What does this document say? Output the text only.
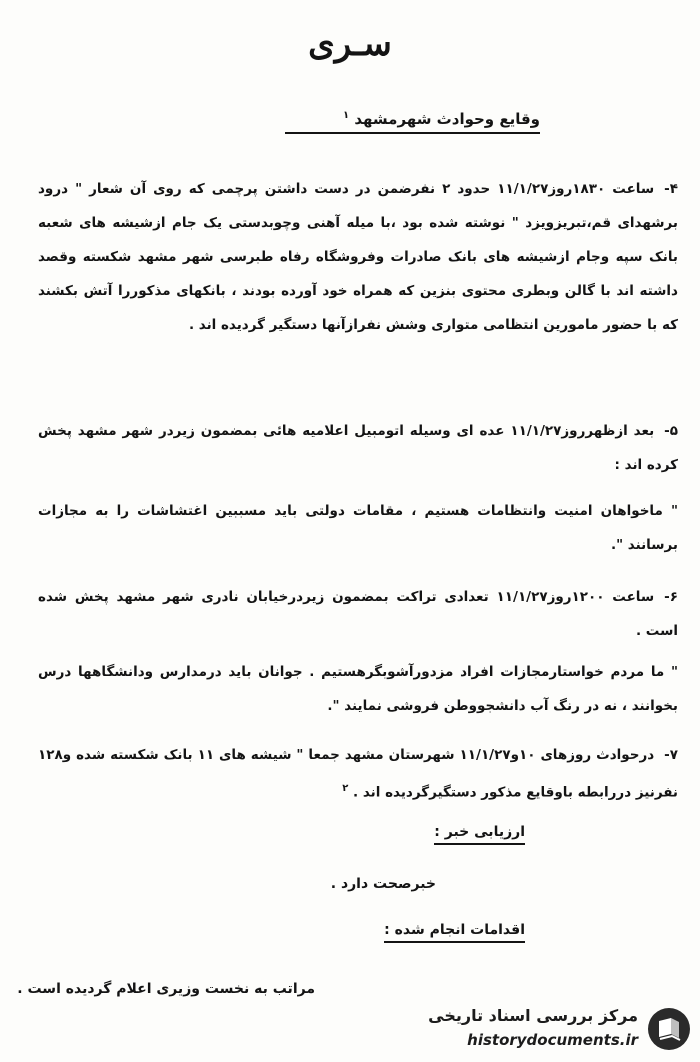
سـری
وقایع وحوادث شهرمشهد $^۱$
۴-ساعت ۱۸۳۰روز۱۱/۱/۲۷ حدود ۲ نفرضمن در دست داشتن پرچمی که روی آن شعار " درود برشهدای قم،تبریزویزد " نوشته شده بود ،با میله آهنی وچوبدستی یک جام ازشیشه های شعبه بانک سپه وجام ازشیشه های بانک صادرات وفروشگاه رفاه طبرسی شهر مشهد شکسته وقصد داشته اند با گالن وبطری محتوی بنزین که همراه خود آورده بودند ، بانکهای مذکوررا آتش بکشند که با حضور مامورین انتظامی متواری وشش نفرازآنها دستگیر گردیده اند .
۵-بعد ازظهرروز۱۱/۱/۲۷ عده ای وسیله اتومبیل اعلامیه هائی بمضمون زیردر شهر مشهد پخش کرده اند :
" ماخواهان امنیت وانتظامات هستیم ، مقامات دولتی باید مسببین اغتشاشات را به مجازات برسانند ".
۶-ساعت ۱۲۰۰روز۱۱/۱/۲۷ تعدادی تراکت بمضمون زیردرخیابان نادری شهر مشهد پخش شده است .
" ما مردم خواستارمجازات افراد مزدورآشوبگرهستیم . جوانان باید درمدارس ودانشگاهها درس بخوانند ، نه در رنگ آب دانشجووطن فروشی نمایند ".
۷-درحوادث روزهای ۱۰و۱۱/۱/۲۷ شهرستان مشهد جمعا " شیشه های ۱۱ بانک شکسته شده و۱۲۸ نفرنیز دررابطه باوقایع مذکور دستگیرگردیده اند . $^۲$
ارزیابی خبر :
خبرصحت دارد .
اقدامات انجام شده :
مراتب به نخست وزیری اعلام گردیده است .
مرکز بررسی اسناد تاریخی
historydocuments.ir
